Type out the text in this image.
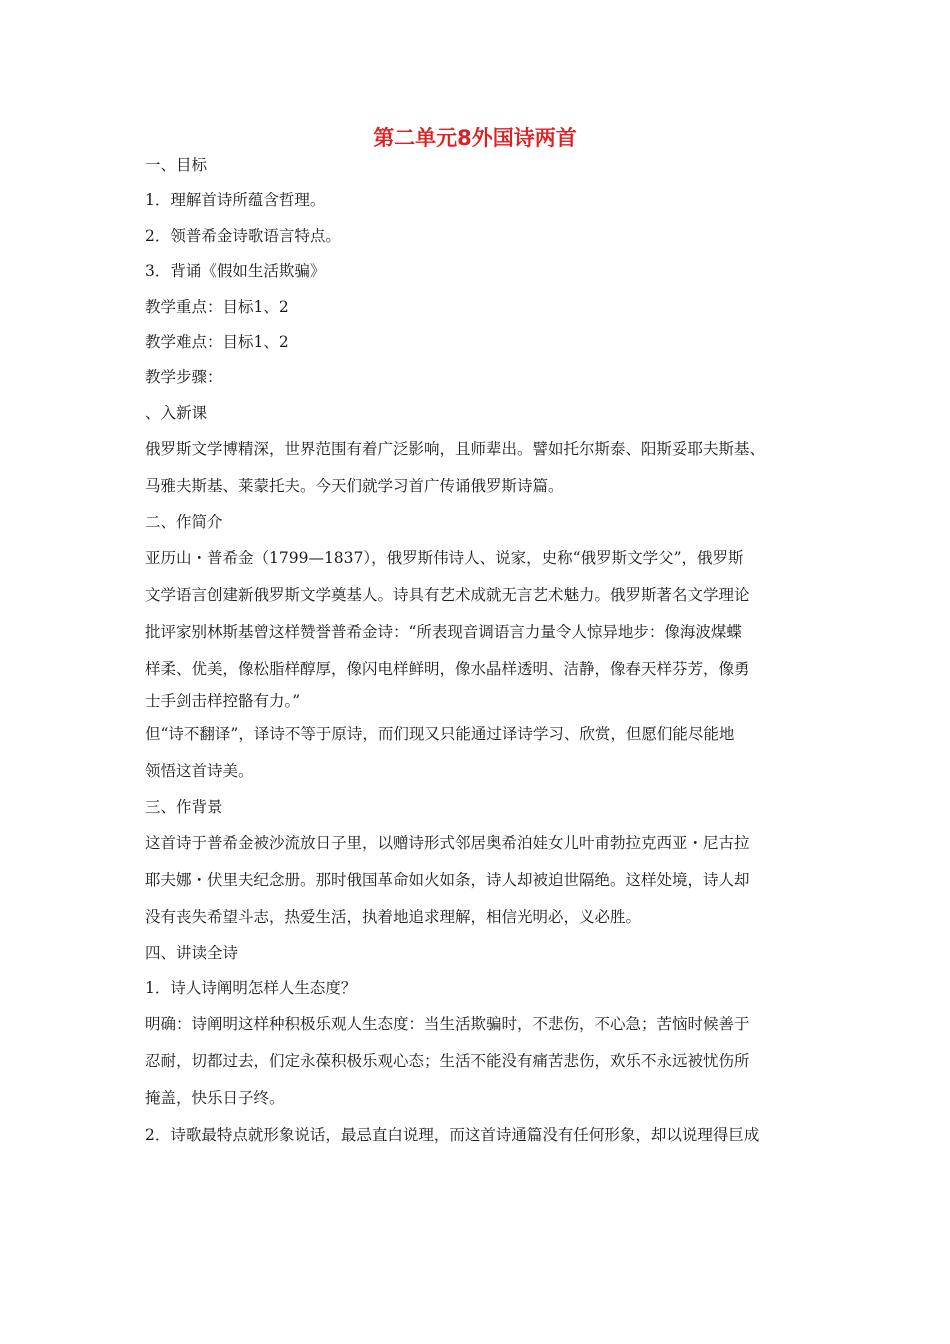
第二单元8外国诗两首
一、目标
1．理解首诗所蕴含哲理。
2．领普希金诗歌语言特点。
3．背诵《假如生活欺骗》
教学重点：目标1、2
教学难点：目标1、2
教学步骤：
、入新课
俄罗斯文学博精深，世界范围有着广泛影响，且师辈出。譬如托尔斯泰、阳斯妥耶夫斯基、
马雅夫斯基、莱蒙托夫。今天们就学习首广传诵俄罗斯诗篇。
二、作简介
亚历山・普希金（1799—1837），俄罗斯伟诗人、说家，史称“俄罗斯文学父”，俄罗斯
文学语言创建新俄罗斯文学奠基人。诗具有艺术成就无言艺术魅力。俄罗斯著名文学理论
批评家别林斯基曾这样赞誉普希金诗：“所表现音调语言力量令人惊异地步：像海波煤蝶
样柔、优美，像松脂样醇厚，像闪电样鲜明，像水晶样透明、洁静，像春天样芬芳，像勇
士手剑击样控骼有力。”
但“诗不翻译”，译诗不等于原诗，而们现又只能通过译诗学习、欣赏，但愿们能尽能地
领悟这首诗美。
三、作背景
这首诗于普希金被沙流放日子里，以赠诗形式邻居奥希泊娃女儿叶甫勃拉克西亚・尼古拉
耶夫娜・伏里夫纪念册。那时俄国革命如火如条，诗人却被迫世隔绝。这样处境，诗人却
没有丧失希望斗志，热爱生活，执着地追求理解，相信光明必，义必胜。
四、讲读全诗
1．诗人诗阐明怎样人生态度？
明确：诗阐明这样种积极乐观人生态度：当生活欺骗时，不悲伤，不心急；苦恼时候善于
忍耐，切都过去，们定永葆积极乐观心态；生活不能没有痛苦悲伤，欢乐不永远被忧伤所
掩盖，快乐日子终。
2．诗歌最特点就形象说话，最忌直白说理，而这首诗通篇没有任何形象，却以说理得巨成
